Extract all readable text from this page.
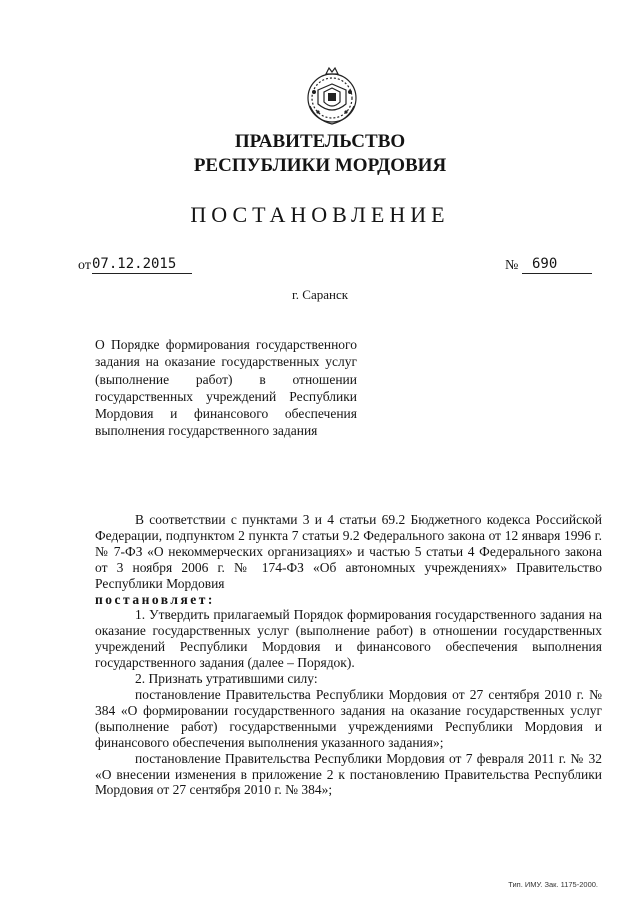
ПРАВИТЕЛЬСТВО
РЕСПУБЛИКИ МОРДОВИЯ
ПОСТАНОВЛЕНИЕ
от 07.12.2015	№ 690
г. Саранск

О Порядке формирования государственного задания на оказание государственных услуг (выполнение работ) в отношении государственных учреждений Республики Мордовия и финансового обеспечения выполнения государственного задания

В соответствии с пунктами 3 и 4 статьи 69.2 Бюджетного кодекса Российской Федерации, подпунктом 2 пункта 7 статьи 9.2 Федерального закона от 12 января 1996 г. № 7-ФЗ «О некоммерческих организациях» и частью 5 статьи 4 Федерального закона от 3 ноября 2006 г. № 174-ФЗ «Об автономных учреждениях» Правительство Республики Мордовия

постановляет:

1. Утвердить прилагаемый Порядок формирования государственного задания на оказание государственных услуг (выполнение работ) в отношении государственных учреждений Республики Мордовия и финансового обеспечения выполнения государственного задания (далее – Порядок).

2. Признать утратившими силу:

постановление Правительства Республики Мордовия от 27 сентября 2010 г. № 384 «О формировании государственного задания на оказание государственных услуг (выполнение работ) государственными учреждениями Республики Мордовия и финансового обеспечения выполнения указанного задания»;

постановление Правительства Республики Мордовия от 7 февраля 2011 г. № 32 «О внесении изменения в приложение 2 к постановлению Правительства Республики Мордовия от 27 сентября 2010 г. № 384»;

Тип. ИМУ. Зак. 1175-2000.
